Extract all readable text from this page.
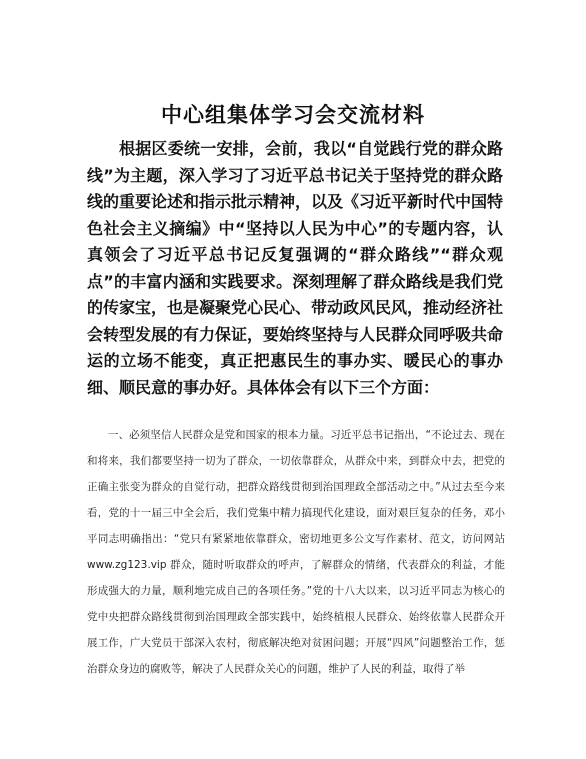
中心组集体学习会交流材料

根据区委统一安排，会前，我以“自觉践行党的群众路线”为主题，深入学习了习近平总书记关于坚持党的群众路线的重要论述和指示批示精神，以及《习近平新时代中国特色社会主义摘编》中“坚持以人民为中心”的专题内容，认真领会了习近平总书记反复强调的“群众路线”“群众观点”的丰富内涵和实践要求。深刻理解了群众路线是我们党的传家宝，也是凝聚党心民心、带动政风民风，推动经济社会转型发展的有力保证，要始终坚持与人民群众同呼吸共命运的立场不能变，真正把惠民生的事办实、暖民心的事办细、顺民意的事办好。具体体会有以下三个方面：

一、必须坚信人民群众是党和国家的根本力量。习近平总书记指出，“不论过去、现在和将来，我们都要坚持一切为了群众，一切依靠群众，从群众中来，到群众中去，把党的正确主张变为群众的自觉行动，把群众路线贯彻到治国理政全部活动之中。”从过去至今来看，党的十一届三中全会后，我们党集中精力搞现代化建设，面对艰巨复杂的任务，邓小平同志明确指出：“党只有紧紧地依靠群众，密切地更多公文写作素材、范文，访问网站 www.zg123.vip 群众，随时听取群众的呼声，了解群众的情绪，代表群众的利益，才能形成强大的力量，顺利地完成自己的各项任务。”党的十八大以来，以习近平同志为核心的党中央把群众路线贯彻到治国理政全部实践中，始终植根人民群众、始终依靠人民群众开展工作，广大党员干部深入农村，彻底解决绝对贫困问题；开展“四风”问题整治工作，惩治群众身边的腐败等，解决了人民群众关心的问题，维护了人民的利益，取得了举
